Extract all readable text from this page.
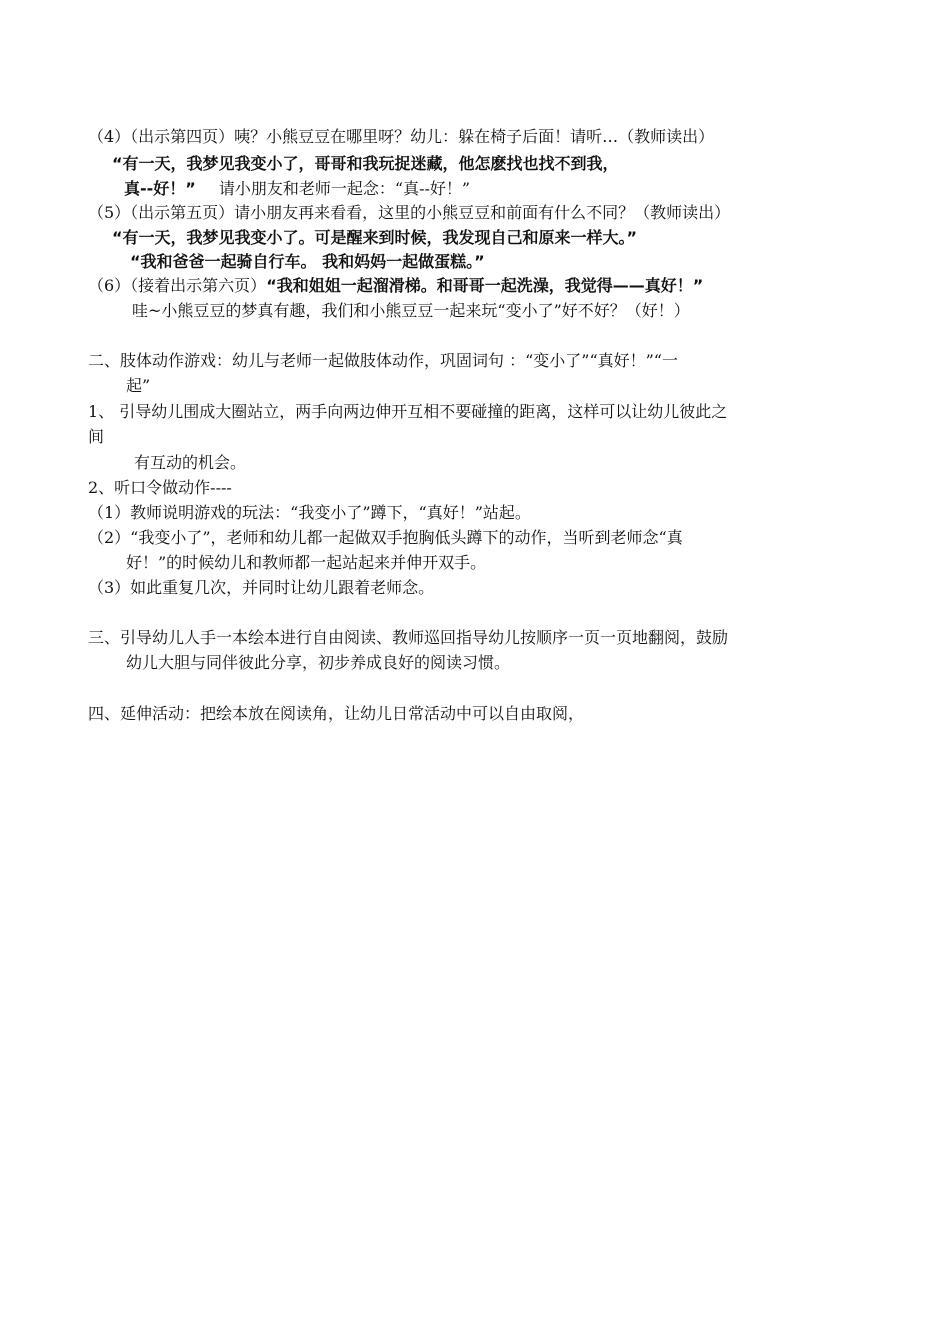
（4）（出示第四页）咦？小熊豆豆在哪里呀？幼儿：躲在椅子后面！请听…（教师读出）
“有一天，我梦见我变小了，哥哥和我玩捉迷藏，他怎麽找也找不到我，
真--好！” 请小朋友和老师一起念：“真--好！”
（5）（出示第五页）请小朋友再来看看，这里的小熊豆豆和前面有什么不同？（教师读出）
“有一天，我梦见我变小了。可是醒来到时候，我发现自己和原来一样大。”
“我和爸爸一起骑自行车。 我和妈妈一起做蛋糕。”
（6）（接着出示第六页）“我和姐姐一起溜滑梯。和哥哥一起洗澡，我觉得——真好！”
哇~小熊豆豆的梦真有趣，我们和小熊豆豆一起来玩“变小了”好不好？（好！）
二、肢体动作游戏：幼儿与老师一起做肢体动作，巩固词句 ：“变小了”“真好！”“一
起”
1、 引导幼儿围成大圈站立，两手向两边伸开互相不要碰撞的距离，这样可以让幼儿彼此之
间
有互动的机会。
2、听口令做动作----
（1）教师说明游戏的玩法：“我变小了”蹲下，“真好！”站起。
（2）“我变小了”，老师和幼儿都一起做双手抱胸低头蹲下的动作，当听到老师念“真
好！”的时候幼儿和教师都一起站起来并伸开双手。
（3）如此重复几次，并同时让幼儿跟着老师念。
三、引导幼儿人手一本绘本进行自由阅读、教师巡回指导幼儿按顺序一页一页地翻阅，鼓励
幼儿大胆与同伴彼此分享，初步养成良好的阅读习惯。
四、延伸活动：把绘本放在阅读角，让幼儿日常活动中可以自由取阅，
